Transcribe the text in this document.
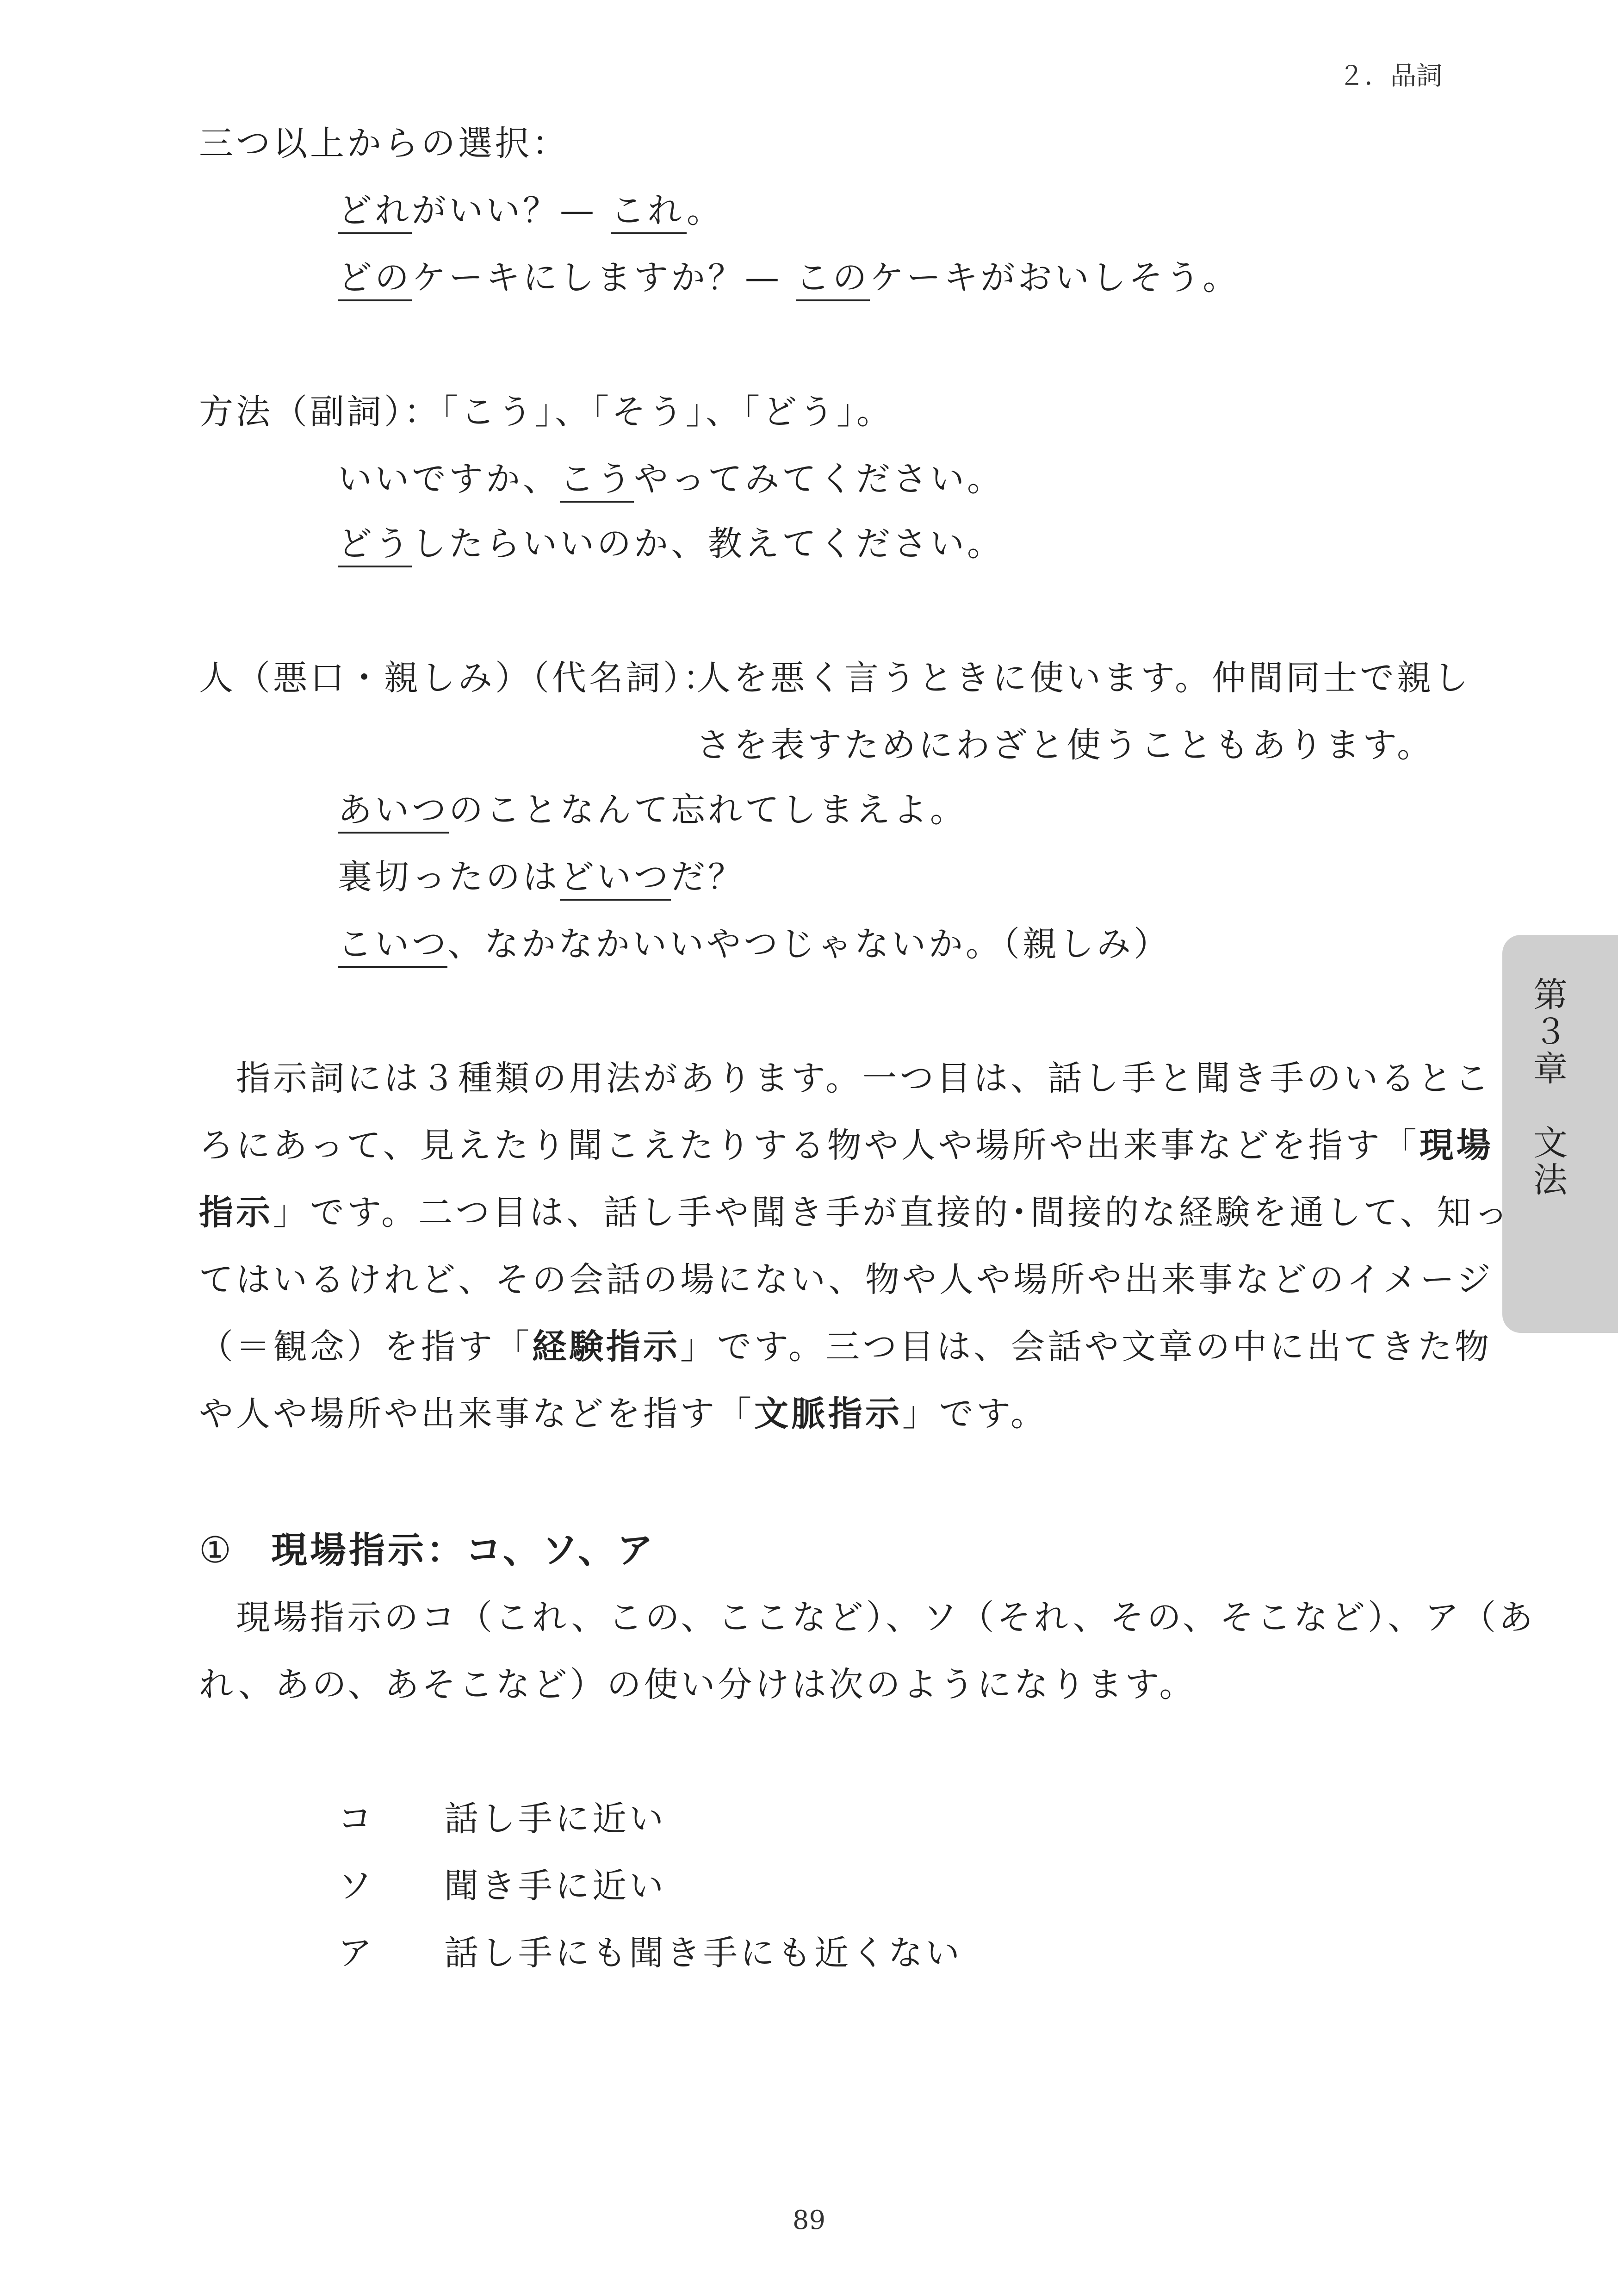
２．品詞
第３章　文法
三つ以上からの選択：
どれがいい？— これ。
どのケーキにしますか？— このケーキがおいしそう。
方法（副詞）：「こう」、「そう」、「どう」。
いいですか、こうやってみてください。
どうしたらいいのか、教えてください。
人（悪口・親しみ）（代名詞）：
人を悪く言うときに使います。仲間同士で親し
さを表すためにわざと使うこともあります。
あいつのことなんて忘れてしまえよ。
裏切ったのはどいつだ？
こいつ、なかなかいいやつじゃないか。（親しみ）
　指示詞には３種類の用法があります。一つ目は、話し手と聞き手のいるとこ
ろにあって、見えたり聞こえたりする物や人や場所や出来事などを指す「現場
指示」です。二つ目は、話し手や聞き手が直接的･間接的な経験を通して、知っ
てはいるけれど、その会話の場にない、物や人や場所や出来事などのイメージ
（＝観念）を指す「経験指示」です。三つ目は、会話や文章の中に出てきた物
や人や場所や出来事などを指す「文脈指示」です。
① 現場指示：コ、ソ、ア
　現場指示のコ（これ、この、ここなど）、ソ（それ、その、そこなど）、ア（あ
れ、あの、あそこなど）の使い分けは次のようになります。
コ 話し手に近い
ソ 聞き手に近い
ア 話し手にも聞き手にも近くない
89
